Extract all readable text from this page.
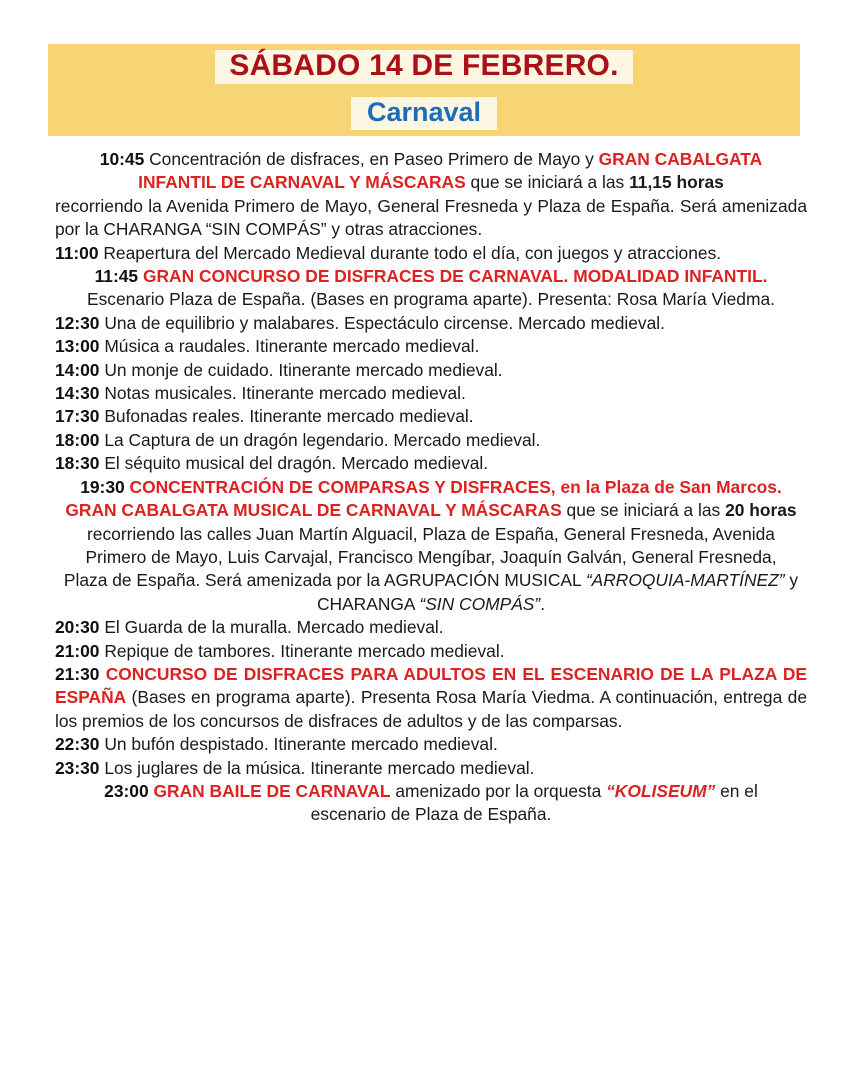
SÁBADO 14 DE FEBRERO.
Carnaval

10:45 Concentración de disfraces, en Paseo Primero de Mayo y GRAN CABALGATA INFANTIL DE CARNAVAL Y MÁSCARAS que se iniciará a las 11,15 horas

recorriendo la Avenida Primero de Mayo, General Fresneda y Plaza de España. Será amenizada por la CHARANGA “SIN COMPÁS” y otras atracciones.

11:00 Reapertura del Mercado Medieval durante todo el día, con juegos y atracciones.

11:45 GRAN CONCURSO DE DISFRACES DE CARNAVAL. MODALIDAD INFANTIL. Escenario Plaza de España. (Bases en programa aparte). Presenta: Rosa María Viedma.

12:30 Una de equilibrio y malabares. Espectáculo circense. Mercado medieval.

13:00 Música a raudales. Itinerante mercado medieval.

14:00 Un monje de cuidado. Itinerante mercado medieval.

14:30 Notas musicales. Itinerante mercado medieval.

17:30 Bufonadas reales. Itinerante mercado medieval.

18:00 La Captura de un dragón legendario. Mercado medieval.

18:30 El séquito musical del dragón. Mercado medieval.

19:30 CONCENTRACIÓN DE COMPARSAS Y DISFRACES, en la Plaza de San Marcos. GRAN CABALGATA MUSICAL DE CARNAVAL Y MÁSCARAS que se iniciará a las 20 horas recorriendo las calles Juan Martín Alguacil, Plaza de España, General Fresneda, Avenida Primero de Mayo, Luis Carvajal, Francisco Mengíbar, Joaquín Galván, General Fresneda, Plaza de España. Será amenizada por la AGRUPACIÓN MUSICAL “ARROQUIA-MARTÍNEZ” y CHARANGA “SIN COMPÁS”.

20:30 El Guarda de la muralla. Mercado medieval.

21:00 Repique de tambores. Itinerante mercado medieval.

21:30 CONCURSO DE DISFRACES PARA ADULTOS EN EL ESCENARIO DE LA PLAZA DE ESPAÑA (Bases en programa aparte). Presenta Rosa María Viedma. A continuación, entrega de los premios de los concursos de disfraces de adultos y de las comparsas.

22:30 Un bufón despistado. Itinerante mercado medieval.

23:30 Los juglares de la música. Itinerante mercado medieval.

23:00 GRAN BAILE DE CARNAVAL amenizado por la orquesta “KOLISEUM” en el escenario de Plaza de España.
